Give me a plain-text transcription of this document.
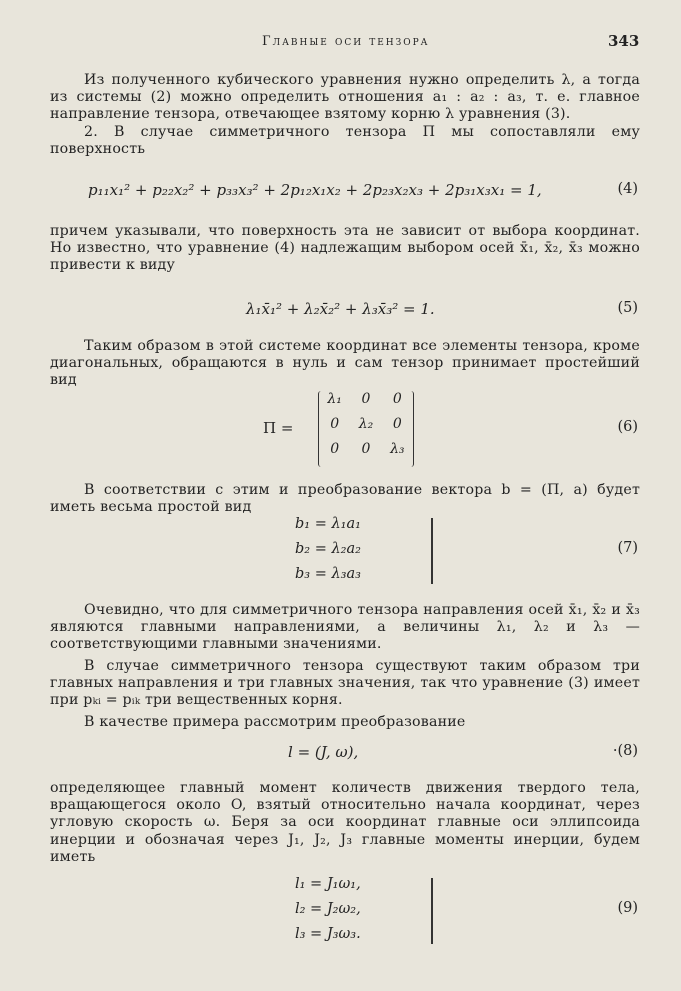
Главные оси тензора	343
Из полученного кубического уравнения нужно определить λ, а тогда из системы (2) можно определить отношения a₁ : a₂ : a₃, т. е. главное направление тензора, отвечающее взятому корню λ уравнения (3).
2. В случае симметричного тензора П мы сопоставляли ему поверхность
p₁₁x₁² + p₂₂x₂² + p₃₃x₃² + 2p₁₂x₁x₂ + 2p₂₃x₂x₃ + 2p₃₁x₃x₁ = 1,	(4)
причем указывали, что поверхность эта не зависит от выбора координат. Но известно, что уравнение (4) надлежащим выбором осей x̄₁, x̄₂, x̄₃ можно привести к виду
λ₁x̄₁² + λ₂x̄₂² + λ₃x̄₃² = 1.	(5)
Таким образом в этой системе координат все элементы тензора, кроме диагональных, обращаются в нуль и сам тензор принимает простейший вид
П =
λ₁	0	0
0	λ₂	0
0	0	λ₃
(6)
В соответствии с этим и преобразование вектора b = (П, a) будет иметь весьма простой вид
b₁ = λ₁a₁
b₂ = λ₂a₂
b₃ = λ₃a₃
(7)
Очевидно, что для симметричного тензора направления осей x̄₁, x̄₂ и x̄₃ являются главными направлениями, а величины λ₁, λ₂ и λ₃ — соответствующими главными значениями.
В случае симметричного тензора существуют таким образом три главных направления и три главных значения, так что уравнение (3) имеет при pₖᵢ = pᵢₖ три вещественных корня.
В качестве примера рассмотрим преобразование
l = (J, ω),	·(8)
определяющее главный момент количеств движения твердого тела, вращающегося около O, взятый относительно начала координат, через угловую скорость ω. Беря за оси координат главные оси эллипсоида инерции и обозначая через J₁, J₂, J₃ главные моменты инерции, будем иметь
l₁ = J₁ω₁,
l₂ = J₂ω₂,
l₃ = J₃ω₃.
(9)
